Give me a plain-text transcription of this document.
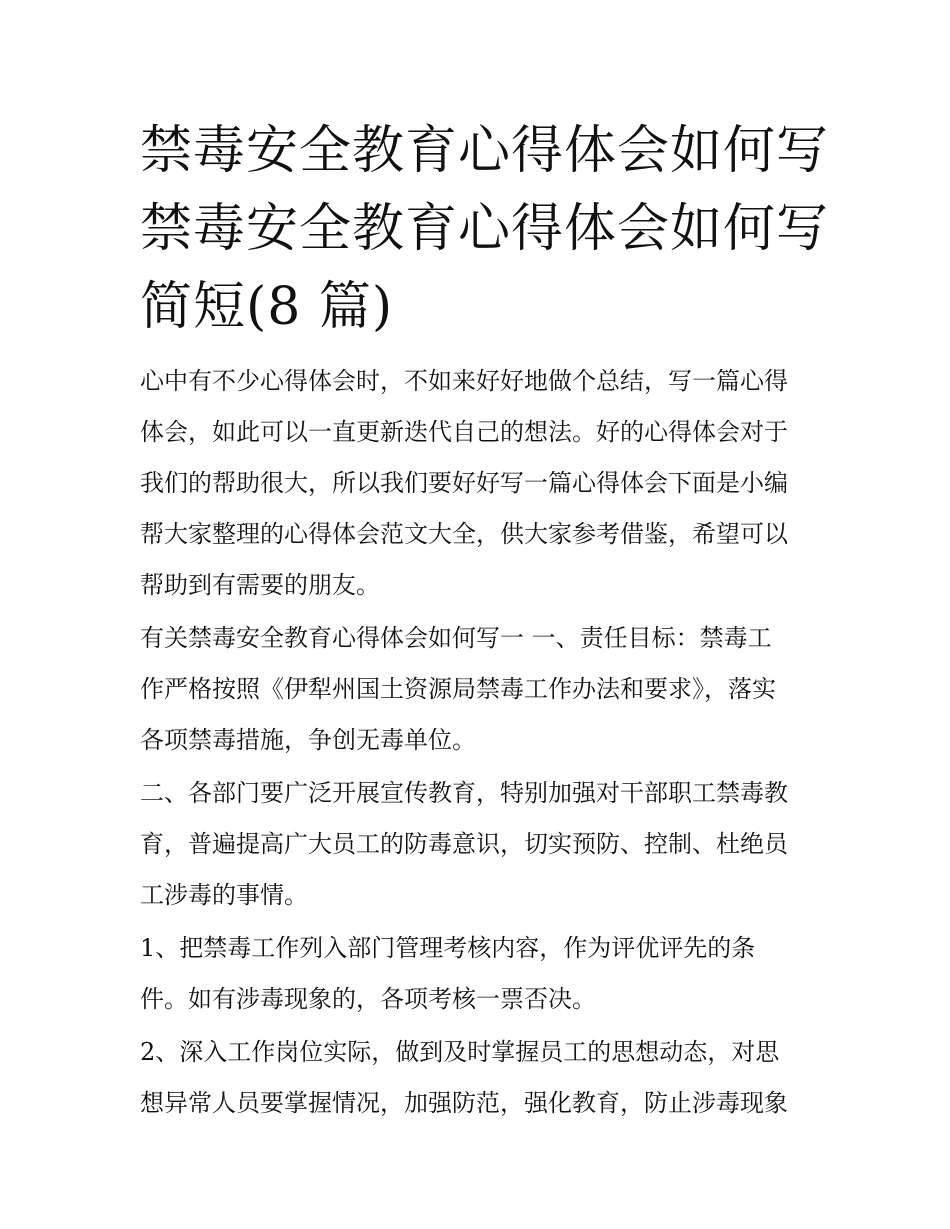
禁毒安全教育心得体会如何写
禁毒安全教育心得体会如何写
简短(8 篇)

心中有不少心得体会时，不如来好好地做个总结，写一篇心得
体会，如此可以一直更新迭代自己的想法。好的心得体会对于
我们的帮助很大，所以我们要好好写一篇心得体会下面是小编
帮大家整理的心得体会范文大全，供大家参考借鉴，希望可以
帮助到有需要的朋友。

有关禁毒安全教育心得体会如何写一 一、责任目标：禁毒工
作严格按照《伊犁州国土资源局禁毒工作办法和要求》，落实
各项禁毒措施，争创无毒单位。

二、各部门要广泛开展宣传教育，特别加强对干部职工禁毒教
育，普遍提高广大员工的防毒意识，切实预防、控制、杜绝员
工涉毒的事情。

1、把禁毒工作列入部门管理考核内容，作为评优评先的条
件。如有涉毒现象的，各项考核一票否决。

2、深入工作岗位实际，做到及时掌握员工的思想动态，对思
想异常人员要掌握情况，加强防范，强化教育，防止涉毒现象
